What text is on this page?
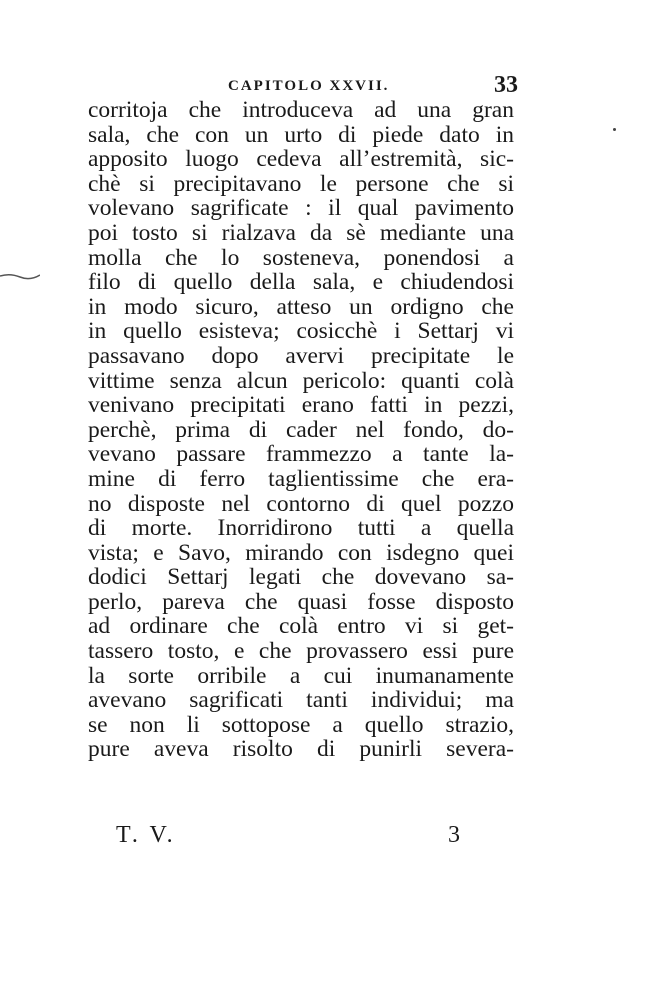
CAPITOLO XXVII.	33
corritoja che introduceva ad una gran
sala, che con un urto di piede dato in
apposito luogo cedeva all’estremità, sic-
chè si precipitavano le persone che si
volevano sagrificate : il qual pavimento
poi tosto si rialzava da sè mediante una
molla che lo sosteneva, ponendosi a
filo di quello della sala, e chiudendosi
in modo sicuro, atteso un ordigno che
in quello esisteva; cosicchè i Settarj vi
passavano dopo avervi precipitate le
vittime senza alcun pericolo: quanti colà
venivano precipitati erano fatti in pezzi,
perchè, prima di cader nel fondo, do-
vevano passare frammezzo a tante la-
mine di ferro taglientissime che era-
no disposte nel contorno di quel pozzo
di morte. Inorridirono tutti a quella
vista; e Savo, mirando con isdegno quei
dodici Settarj legati che dovevano sa-
perlo, pareva che quasi fosse disposto
ad ordinare che colà entro vi si get-
tassero tosto, e che provassero essi pure
la sorte orribile a cui inumanamente
avevano sagrificati tanti individui; ma
se non li sottopose a quello strazio,
pure aveva risolto di punirli severa-
T. V.	3
